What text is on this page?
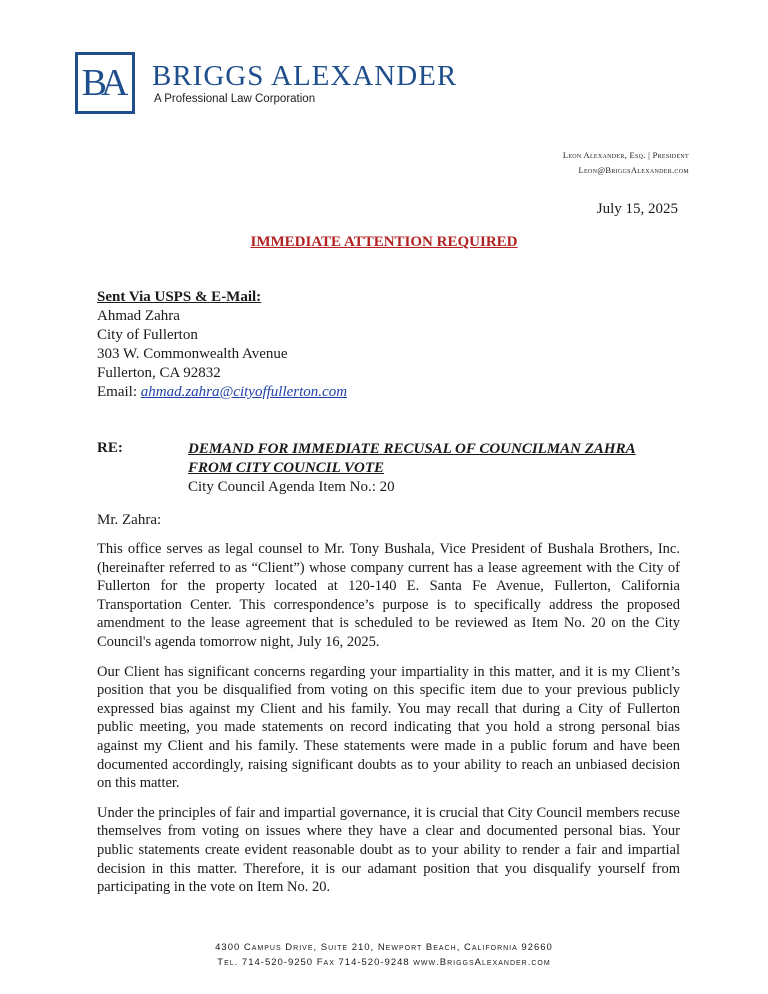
BA BRIGGS ALEXANDER
A Professional Law Corporation
Leon Alexander, Esq. | President
Leon@BriggsAlexander.com
July 15, 2025
IMMEDIATE ATTENTION REQUIRED
Sent Via USPS & E-Mail:
Ahmad Zahra
City of Fullerton
303 W. Commonwealth Avenue
Fullerton, CA 92832
Email: ahmad.zahra@cityoffullerton.com
RE:	DEMAND FOR IMMEDIATE RECUSAL OF COUNCILMAN ZAHRA
FROM CITY COUNCIL VOTE
City Council Agenda Item No.: 20
Mr. Zahra:

This office serves as legal counsel to Mr. Tony Bushala, Vice President of Bushala Brothers, Inc. (hereinafter referred to as “Client”) whose company current has a lease agreement with the City of Fullerton for the property located at 120-140 E. Santa Fe Avenue, Fullerton, California Transportation Center. This correspondence’s purpose is to specifically address the proposed amendment to the lease agreement that is scheduled to be reviewed as Item No. 20 on the City Council's agenda tomorrow night, July 16, 2025.

Our Client has significant concerns regarding your impartiality in this matter, and it is my Client’s position that you be disqualified from voting on this specific item due to your previous publicly expressed bias against my Client and his family. You may recall that during a City of Fullerton public meeting, you made statements on record indicating that you hold a strong personal bias against my Client and his family. These statements were made in a public forum and have been documented accordingly, raising significant doubts as to your ability to reach an unbiased decision on this matter.

Under the principles of fair and impartial governance, it is crucial that City Council members recuse themselves from voting on issues where they have a clear and documented personal bias. Your public statements create evident reasonable doubt as to your ability to render a fair and impartial decision in this matter. Therefore, it is our adamant position that you disqualify yourself from participating in the vote on Item No. 20.

4300 Campus Drive, Suite 210, Newport Beach, California 92660
Tel. 714-520-9250 Fax 714-520-9248 www.BriggsAlexander.com
